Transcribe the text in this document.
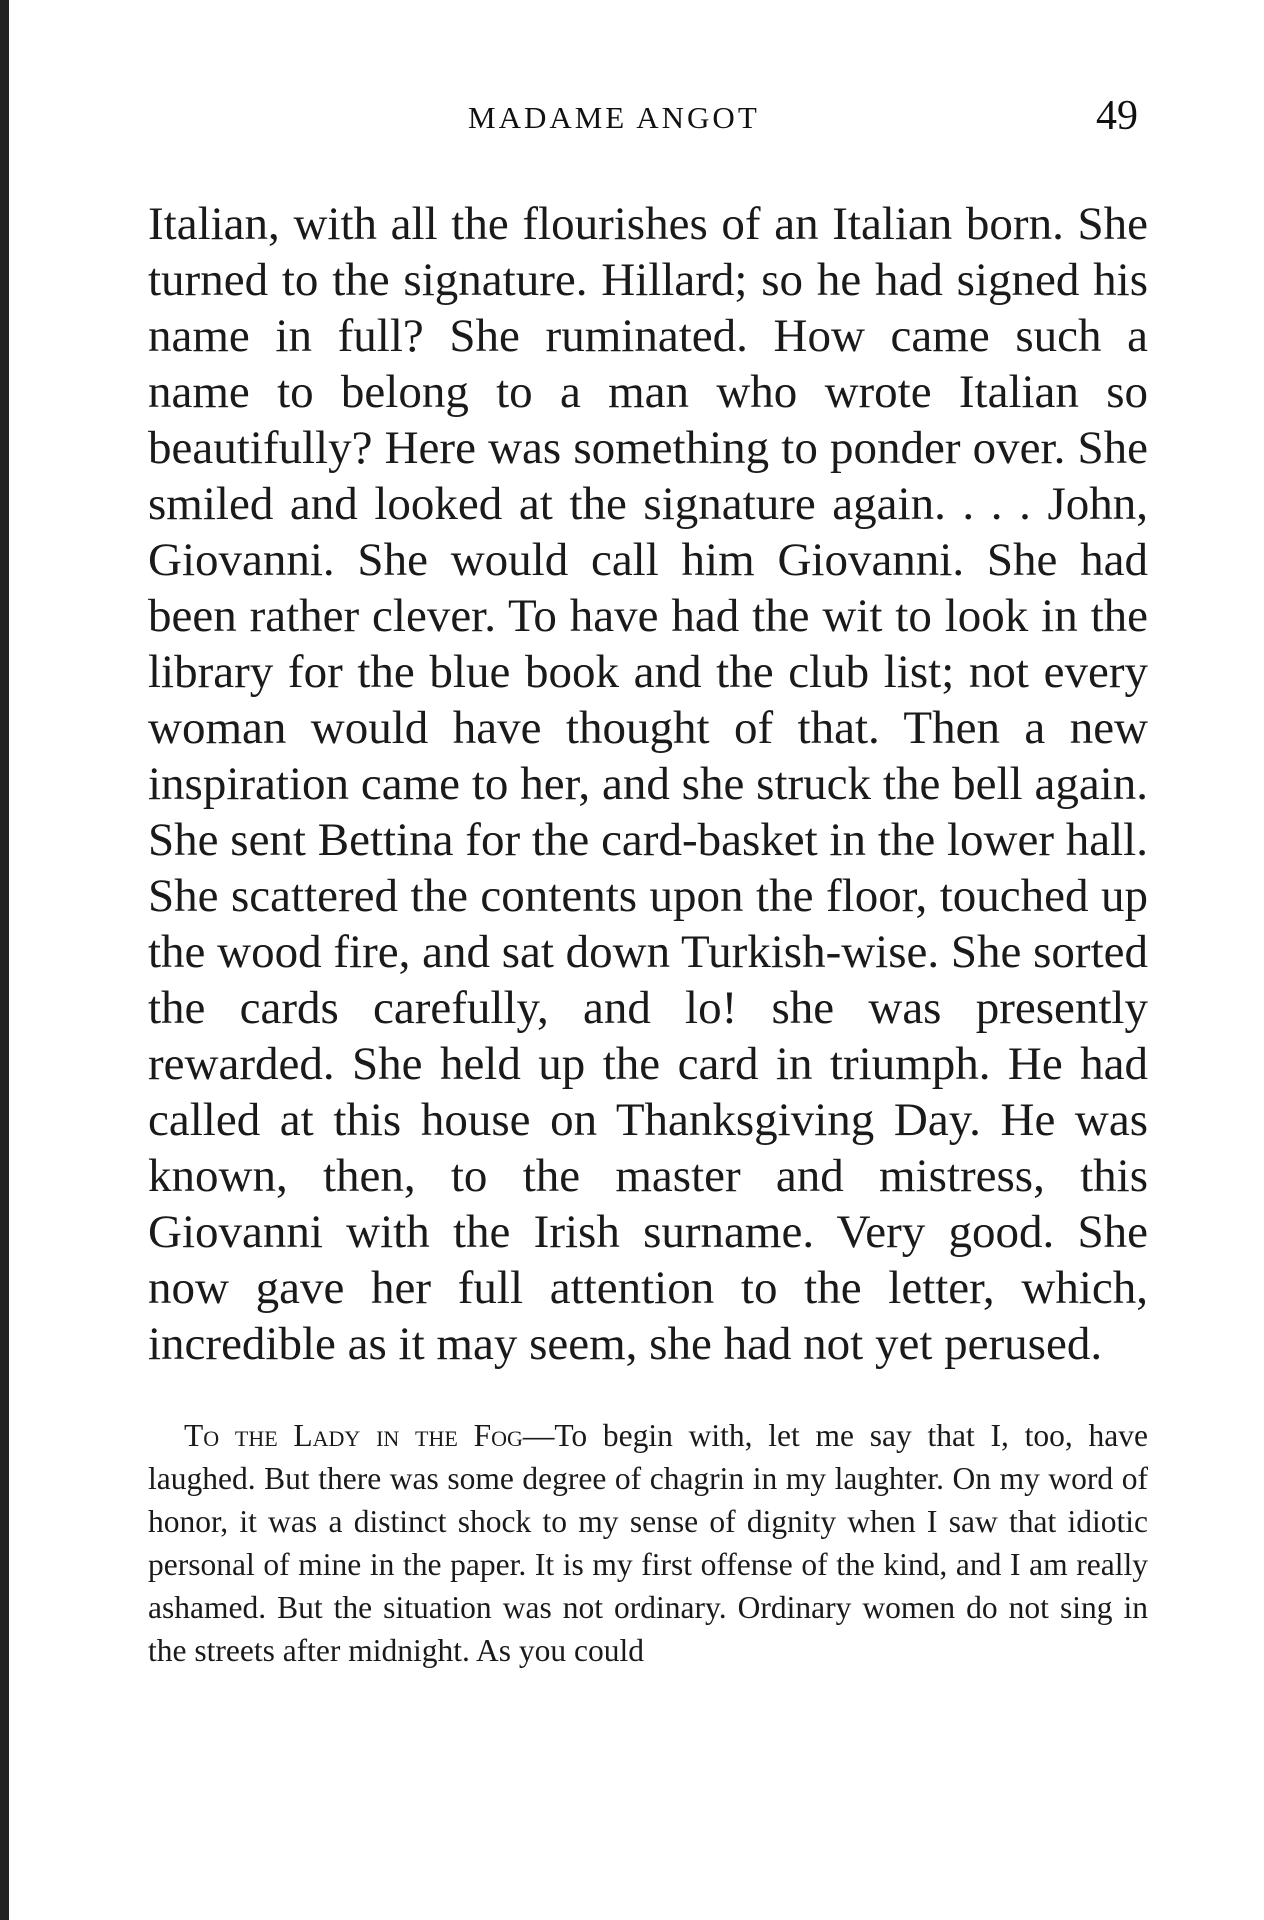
MADAME ANGOT	49

Italian, with all the flourishes of an Italian born. She turned to the signature. Hillard; so he had signed his name in full? She ruminated. How came such a name to belong to a man who wrote Italian so beautifully? Here was something to ponder over. She smiled and looked at the signature again. . . . John, Giovanni. She would call him Giovanni. She had been rather clever. To have had the wit to look in the library for the blue book and the club list; not every woman would have thought of that. Then a new inspiration came to her, and she struck the bell again. She sent Bettina for the card-basket in the lower hall. She scattered the contents upon the floor, touched up the wood fire, and sat down Turkish-wise. She sorted the cards carefully, and lo! she was presently rewarded. She held up the card in triumph. He had called at this house on Thanksgiving Day. He was known, then, to the master and mistress, this Giovanni with the Irish surname. Very good. She now gave her full attention to the letter, which, incredible as it may seem, she had not yet perused.

To the Lady in the Fog—To begin with, let me say that I, too, have laughed. But there was some degree of chagrin in my laughter. On my word of honor, it was a distinct shock to my sense of dignity when I saw that idiotic personal of mine in the paper. It is my first offense of the kind, and I am really ashamed. But the situation was not ordinary. Ordinary women do not sing in the streets after midnight. As you could
